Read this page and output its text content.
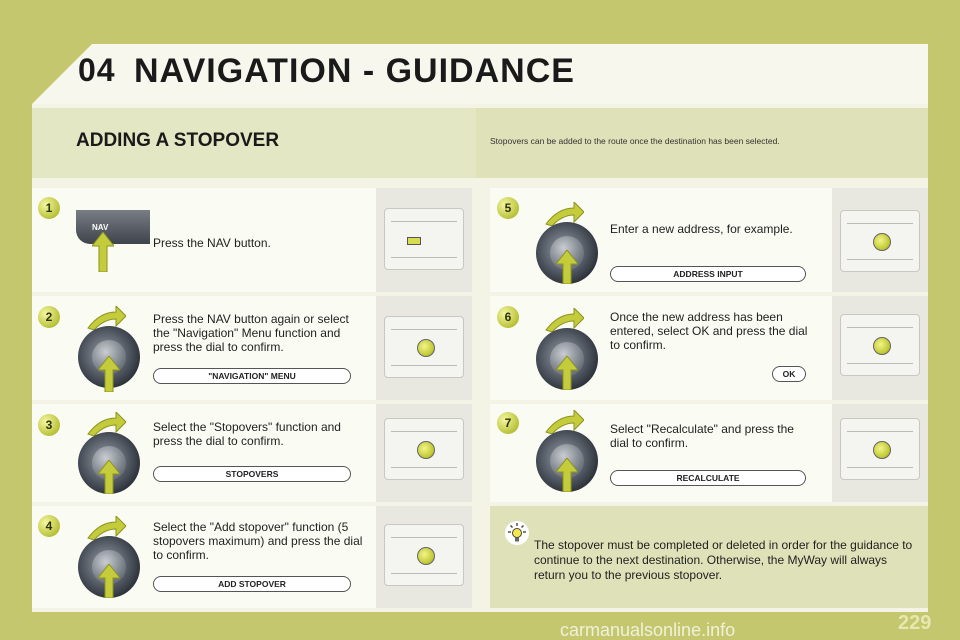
04 NAVIGATION - GUIDANCE
ADDING A STOPOVER	Stopovers can be added to the route once the destination has been selected.
1
NAV
Press the NAV button.
2	Press the NAV button again or select the "Navigation" Menu function and press the dial to confirm.
"NAVIGATION" MENU
3	Select the "Stopovers" function and press the dial to confirm.
STOPOVERS
4	Select the "Add stopover" function (5 stopovers maximum) and press the dial to confirm.
ADD STOPOVER
5
Enter a new address, for example.
ADDRESS INPUT
6	Once the new address has been entered, select OK and press the dial to confirm.
OK
7	Select "Recalculate" and press the dial to confirm.
RECALCULATE
The stopover must be completed or deleted in order for the guidance to continue to the next destination. Otherwise, the MyWay will always return you to the previous stopover.
229
carmanualsonline.info
